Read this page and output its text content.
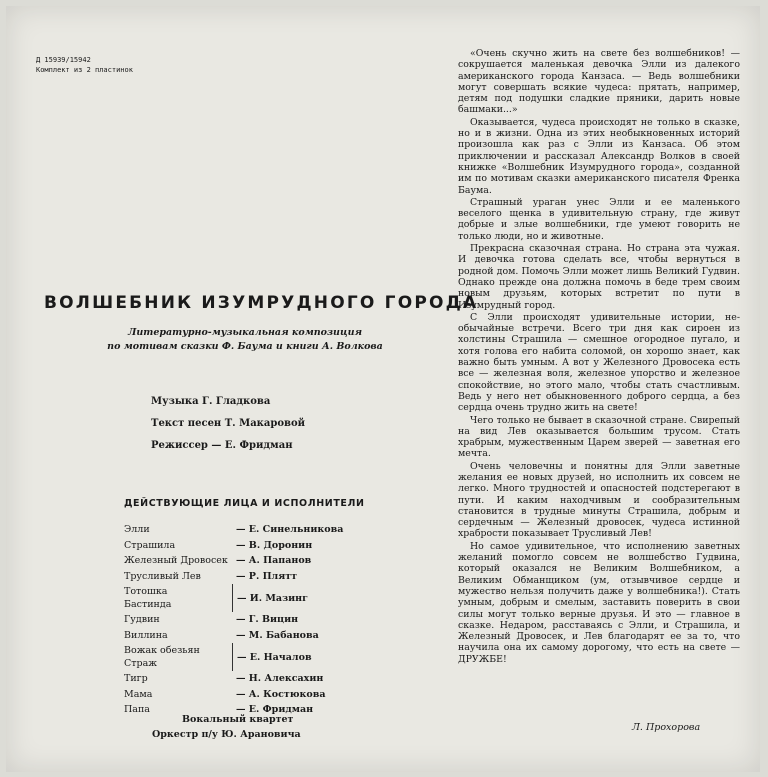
Д 15939/15942
Комплект из 2 пластинок
ВОЛШЕБНИК ИЗУМРУДНОГО ГОРОДА
Литературно-музыкальная композиция
по мотивам сказки Ф. Баума и книги А. Волкова
Музыка Г. Гладкова
Текст песен Т. Макаровой
Режиссер — Е. Фридман
ДЕЙСТВУЮЩИЕ ЛИЦА И ИСПОЛНИТЕЛИ
Элли	— Е. Синельникова
Страшила	— В. Доронин
Железный Дровосек — А. Папанов
Трусливый Лев	— Р. Плятт
Тотошка
Бастинда
— И. Мазинг
Гудвин	— Г. Вицин
Виллина	— М. Бабанова
Вожак обезьян
Страж
— Е. Началов
Тигр	— Н. Алексахин
Мама	— А. Костюкова
Папа	— Е. Фридман
Вокальный квартет
Оркестр п/у Ю. Арановича

«Очень скучно жить на свете без волшебников! — сокрушается маленькая девочка Элли из далекого американского города Канзаса. — Ведь волшебники могут совершать всякие чудеса: прятать, например, детям под подушки сладкие пряники, дарить новые башмаки...»

Оказывается, чудеса происходят не только в сказке, но и в жизни. Одна из этих необыкновенных историй произошла как раз с Элли из Канзаса. Об этом приключении и рассказал Александр Волков в своей книжке «Волшебник Изумрудного города», созданной им по мотивам сказки американского писателя Френка Баума.

Страшный ураган унес Элли и ее маленького веселого щенка в удивительную страну, где живут добрые и злые волшебники, где умеют говорить не только люди, но и животные.

Прекрасна сказочная страна. Но страна эта чужая. И девочка готова сделать все, чтобы вернуться в родной дом. Помочь Элли может лишь Великий Гудвин. Однако прежде она должна помочь в беде трем своим новым друзьям, которых встретит по пути в Изумрудный город.

С Элли происходят удивительные истории, необычайные встречи. Всего три дня как сироен из холстины Страшила — смешное огородное пугало, и хотя голова его набита соломой, он хорошо знает, как важно быть умным. А вот у Железного Дровосека есть все — железная воля, железное упорство и железное спокойствие, но этого мало, чтобы стать счастливым. Ведь у него нет обыкновенного доброго сердца, а без сердца очень трудно жить на свете!

Чего только не бывает в сказочной стране. Свирепый на вид Лев оказывается большим трусом. Стать храбрым, мужественным Царем зверей — заветная его мечта.

Очень человечны и понятны для Элли заветные желания ее новых друзей, но исполнить их совсем не легко. Много трудностей и опасностей подстерегают в пути. И каким находчивым и сообразительным становится в трудные минуты Страшила, добрым и сердечным — Железный дровосек, чудеса истинной храбрости показывает Трусливый Лев!

Но самое удивительное, что исполнению заветных желаний помогло совсем не волшебство Гудвина, который оказался не Великим Волшебником, а Великим Обманщиком (ум, отзывчивое сердце и мужество нельзя получить даже у волшебника!). Стать умным, добрым и смелым, заставить поверить в свои силы могут только верные друзья. И это — главное в сказке. Недаром, расставаясь с Элли, и Страшила, и Железный Дровосек, и Лев благодарят ее за то, что научила она их самому дорогому, что есть на свете — ДРУЖБЕ!

Л. Прохорова
